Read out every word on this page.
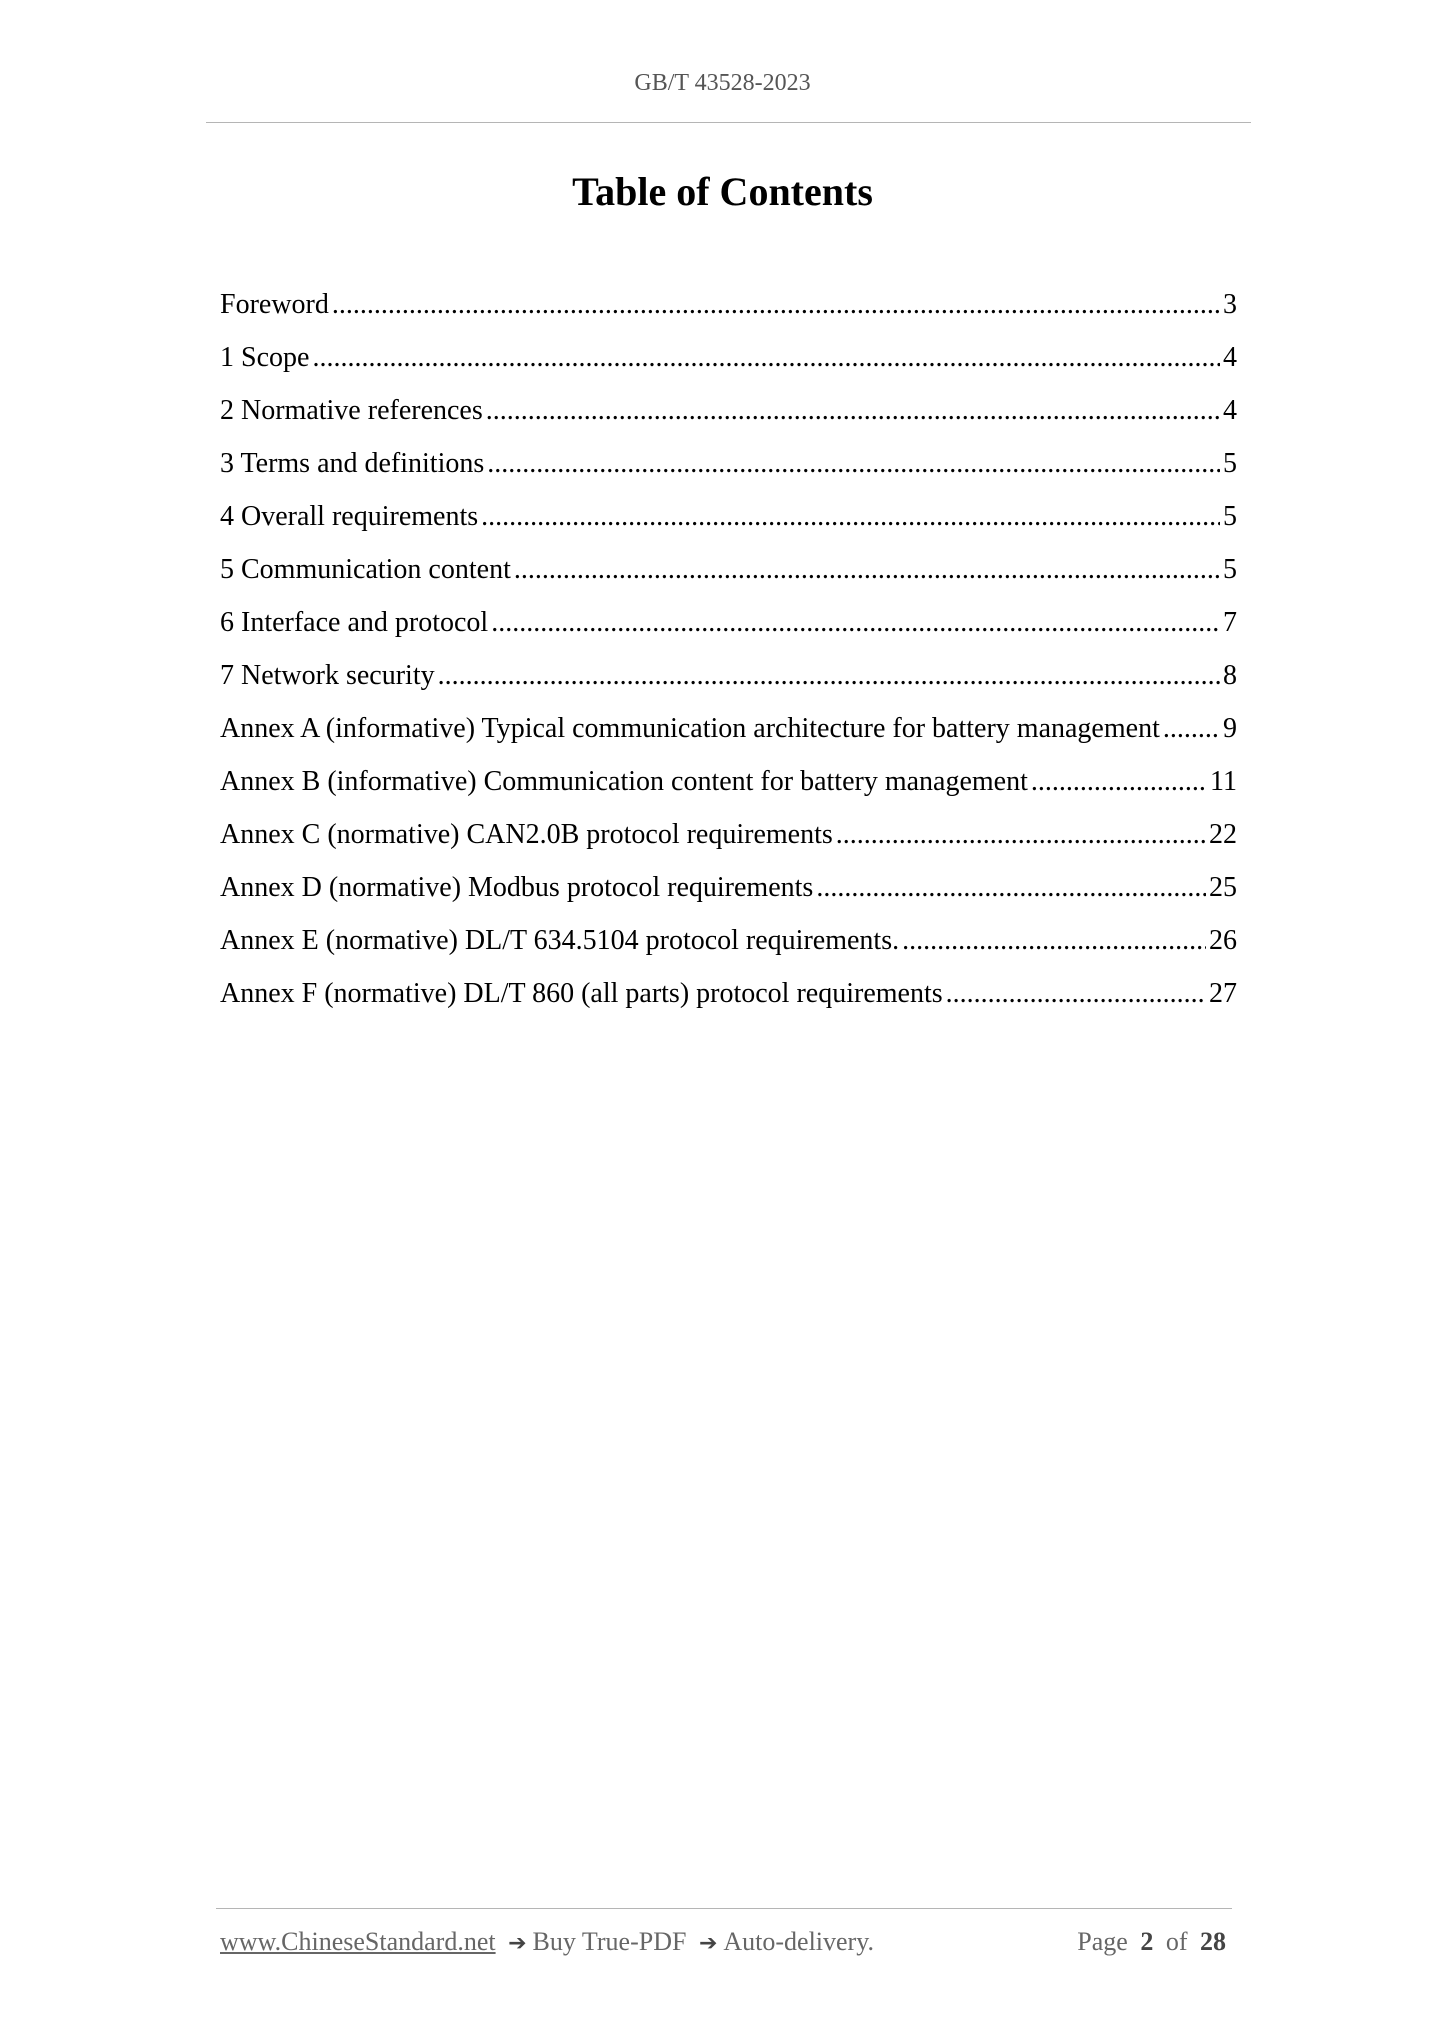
GB/T 43528-2023
Table of Contents
Foreword .....	3
1 Scope .....	4
2 Normative references .....	4
3 Terms and definitions .....	5
4 Overall requirements .....	5
5 Communication content .....	5
6 Interface and protocol .....	7
7 Network security .....	8
Annex A (informative) Typical communication architecture for battery management ..... 9
Annex B (informative) Communication content for battery management .....	11
Annex C (normative) CAN2.0B protocol requirements .....	22
Annex D (normative) Modbus protocol requirements .....	25
Annex E (normative) DL/T 634.5104 protocol requirements. .....	26
Annex F (normative) DL/T 860 (all parts) protocol requirements .....	27
www.ChineseStandard.net ➔ Buy True-PDF ➔ Auto-delivery.	Page 2 of 28
